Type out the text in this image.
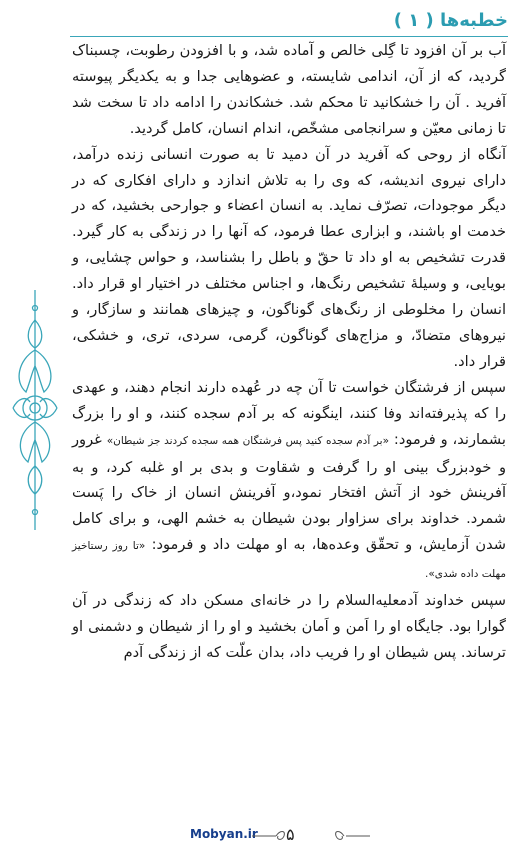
خطبه‌ها ( ۱ )

آب بر آن افزود تا گِلی خالص و آماده شد، و با افزودن رطوبت، چسبناک گردید، که از آن، اندامی شایسته، و عضوهایی جدا و به یکدیگر پیوسته آفرید . آن را خشکانید تا محکم شد. خشکاندن را ادامه داد تا سخت شد تا زمانی معیّن و سرانجامی مشخّص، اندام انسان، کامل گردید.

آنگاه از روحی که آفرید در آن دمید تا به صورت انسانی زنده درآمد، دارای نیروی اندیشه، که وی را به تلاش اندازد و دارای افکاری که در دیگر موجودات، تصرّف نماید. به انسان اعضاء و جوارحی بخشید، که در خدمت او باشند، و ابزاری عطا فرمود، که آنها را در زندگی به کار گیرد. قدرت تشخیص به او داد تا حقّ و باطل را بشناسد، و حواس چشایی، و بویایی، و وسیلهٔ تشخیص رنگ‌ها، و اجناس مختلف در اختیار او قرار داد. انسان را مخلوطی از رنگ‌های گوناگون، و چیزهای همانند و سازگار، و نیروهای متضادّ، و مزاج‌های گوناگون، گرمی، سردی، تری، و خشکی، قرار داد.

سپس از فرشتگان خواست تا آن چه در عُهده دارند انجام دهند، و عهدی را که پذیرفته‌اند وفا کنند، اینگونه که بر آدم سجده کنند، و او را بزرگ بشمارند، و فرمود: «بر آدم سجده کنید پس فرشتگان همه سجده کردند جز شیطان» غرور و خودبزرگ بینی او را گرفت و شقاوت و بدی بر او غلبه کرد، و به آفرینش خود از آتش افتخار نمود،و آفرینش انسان از خاک را پَست شمرد. خداوند برای سزاوار بودن شیطان به خشم الهی، و برای کامل شدن آزمایش، و تحقّق وعده‌ها، به او مهلت داد و فرمود: «تا روز رستاخیز مهلت داده شدی».

سپس خداوند آدمعلیه‌السلام را در خانه‌ای مسکن داد که زندگی در آن گوارا بود. جایگاه او را اَمن و اَمان بخشید و او را از شیطان و دشمنی او ترساند. پس شیطان او را فریب داد، بدان علّت که از زندگی آدم

Mobyan.ir ۵
